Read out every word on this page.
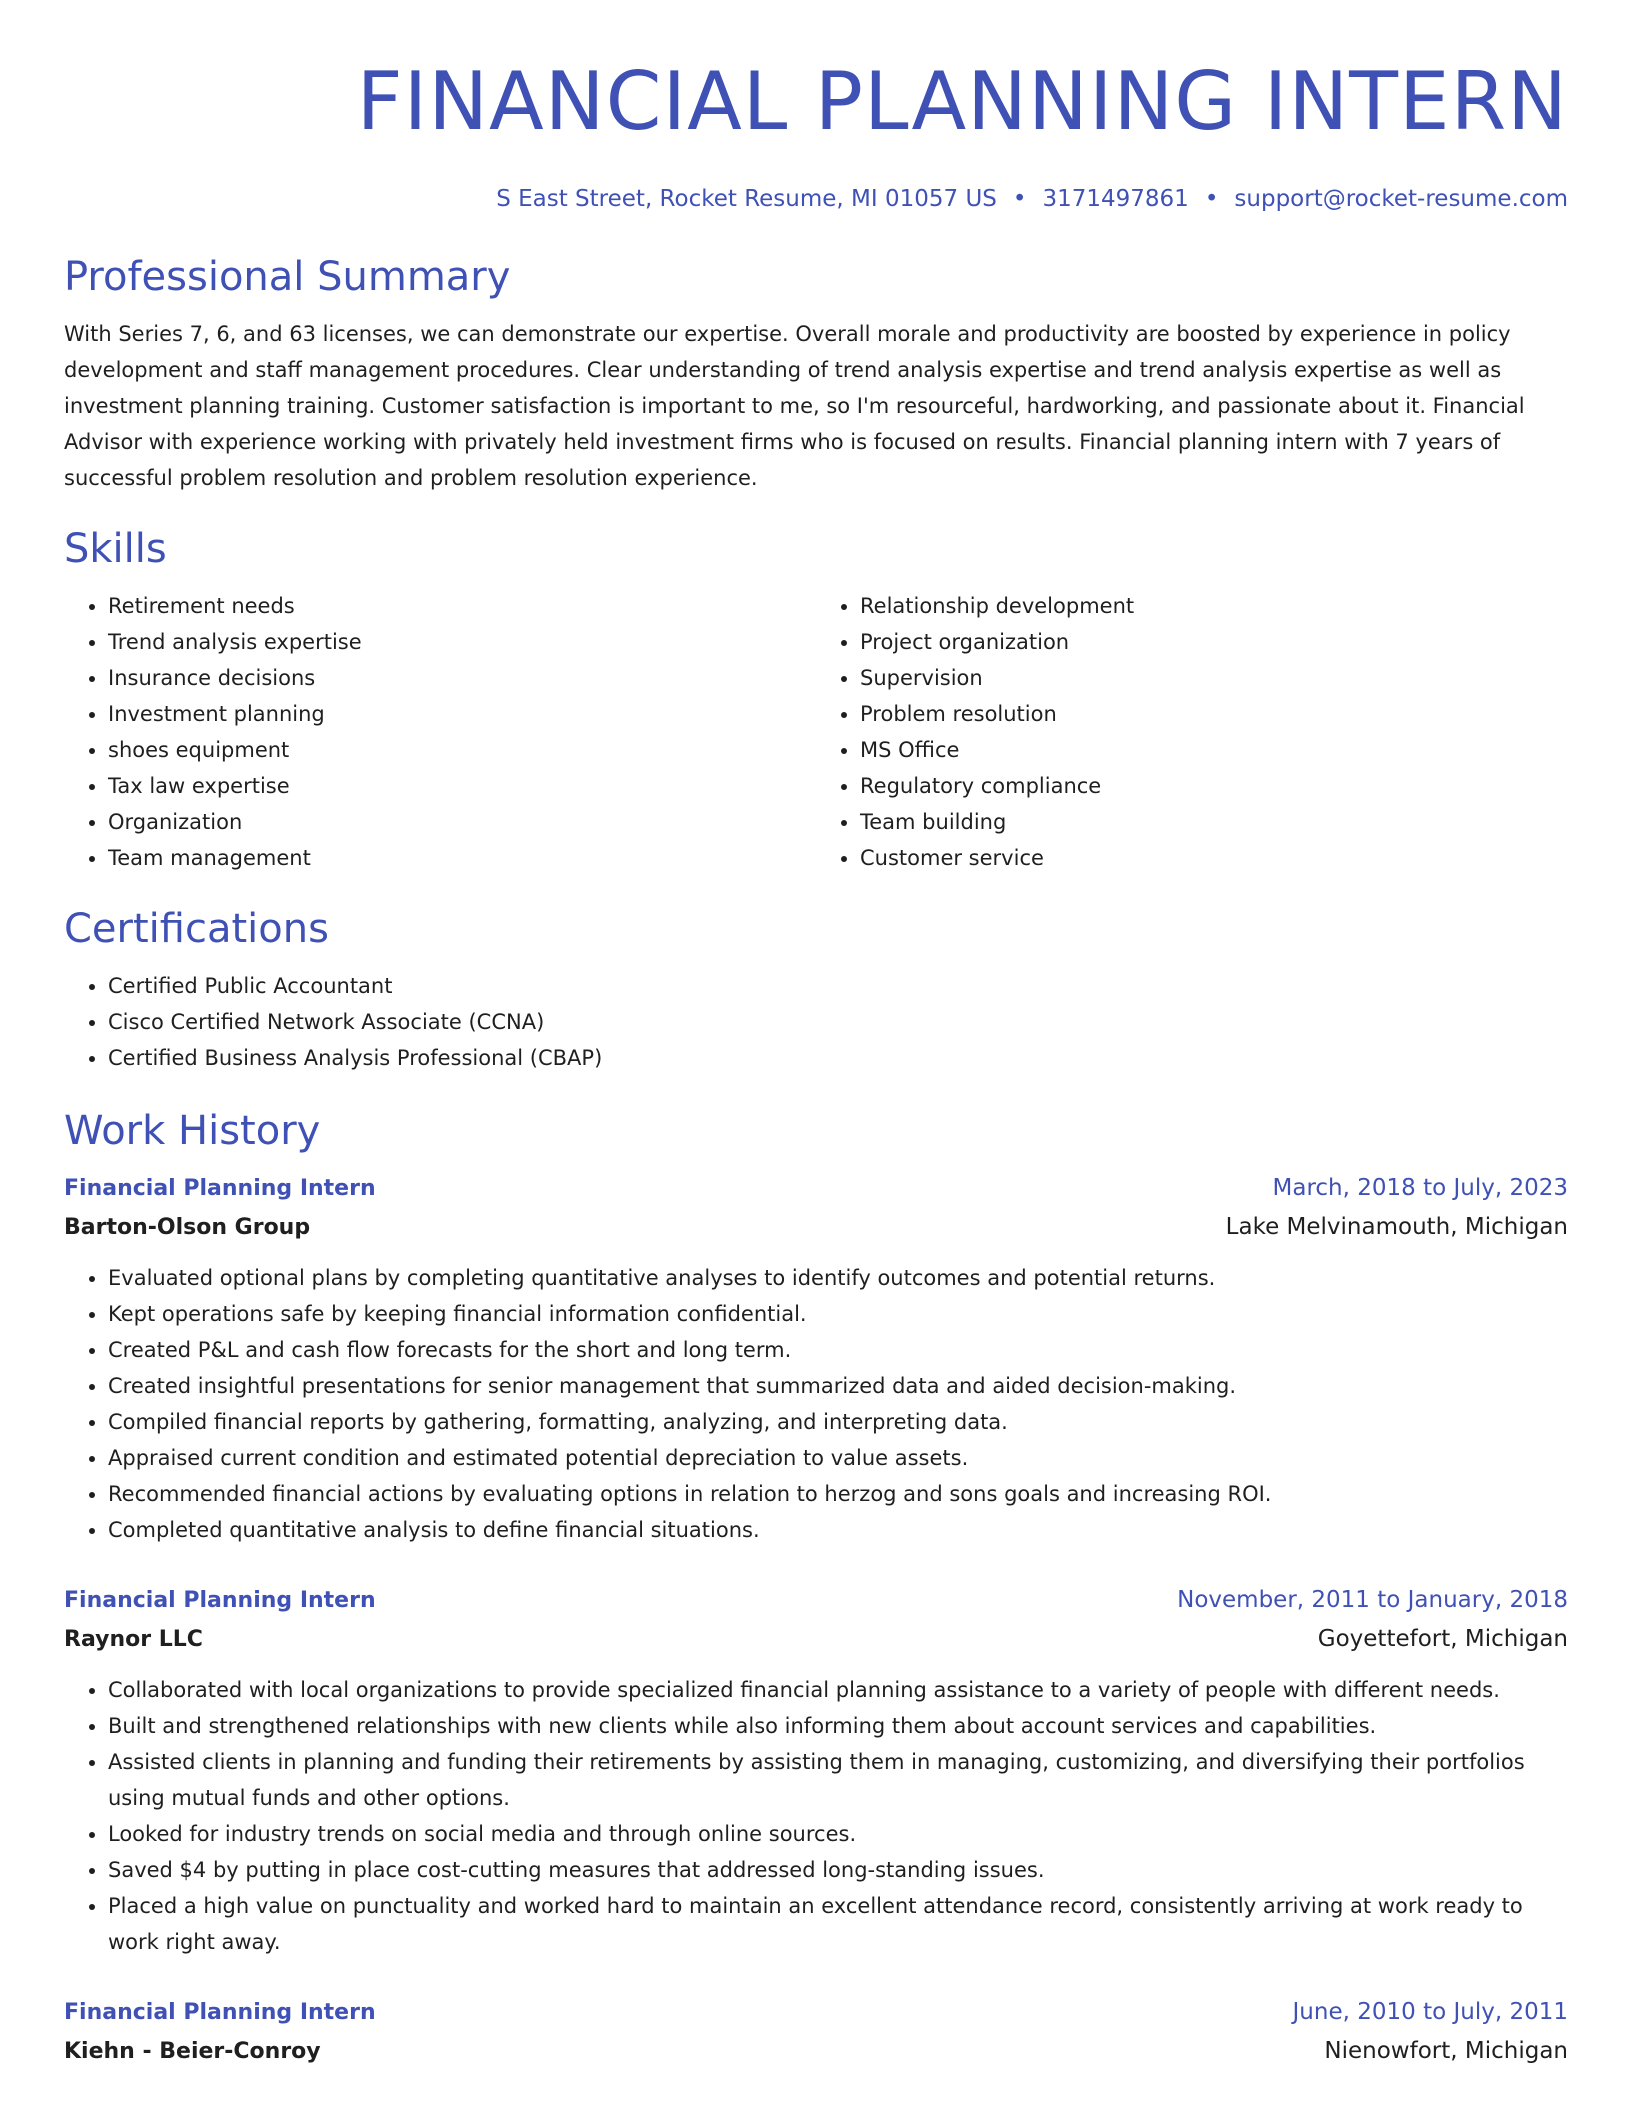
FINANCIAL PLANNING INTERN
S East Street, Rocket Resume, MI 01057 US • 3171497861 • support@rocket-resume.com
Professional Summary
With Series 7, 6, and 63 licenses, we can demonstrate our expertise. Overall morale and productivity are boosted by experience in policy development and staff management procedures. Clear understanding of trend analysis expertise and trend analysis expertise as well as investment planning training. Customer satisfaction is important to me, so I'm resourceful, hardworking, and passionate about it. Financial Advisor with experience working with privately held investment firms who is focused on results. Financial planning intern with 7 years of successful problem resolution and problem resolution experience.
Skills
• Retirement needs
• Trend analysis expertise
• Insurance decisions
• Investment planning
• shoes equipment
• Tax law expertise
• Organization
• Team management
• Relationship development
• Project organization
• Supervision
• Problem resolution
• MS Office
• Regulatory compliance
• Team building
• Customer service
Certifications
• Certified Public Accountant
• Cisco Certified Network Associate (CCNA)
• Certified Business Analysis Professional (CBAP)
Work History
Financial Planning Intern	March, 2018 to July, 2023
Barton-Olson Group	Lake Melvinamouth, Michigan
• Evaluated optional plans by completing quantitative analyses to identify outcomes and potential returns.
• Kept operations safe by keeping financial information confidential.
• Created P&L and cash flow forecasts for the short and long term.
• Created insightful presentations for senior management that summarized data and aided decision-making.
• Compiled financial reports by gathering, formatting, analyzing, and interpreting data.
• Appraised current condition and estimated potential depreciation to value assets.
• Recommended financial actions by evaluating options in relation to herzog and sons goals and increasing ROI.
• Completed quantitative analysis to define financial situations.
Financial Planning Intern	November, 2011 to January, 2018
Raynor LLC	Goyettefort, Michigan
• Collaborated with local organizations to provide specialized financial planning assistance to a variety of people with different needs.
• Built and strengthened relationships with new clients while also informing them about account services and capabilities.
• Assisted clients in planning and funding their retirements by assisting them in managing, customizing, and diversifying their portfolios using mutual funds and other options.
• Looked for industry trends on social media and through online sources.
• Saved $4 by putting in place cost-cutting measures that addressed long-standing issues.
• Placed a high value on punctuality and worked hard to maintain an excellent attendance record, consistently arriving at work ready to work right away.
Financial Planning Intern	June, 2010 to July, 2011
Kiehn - Beier-Conroy	Nienowfort, Michigan
